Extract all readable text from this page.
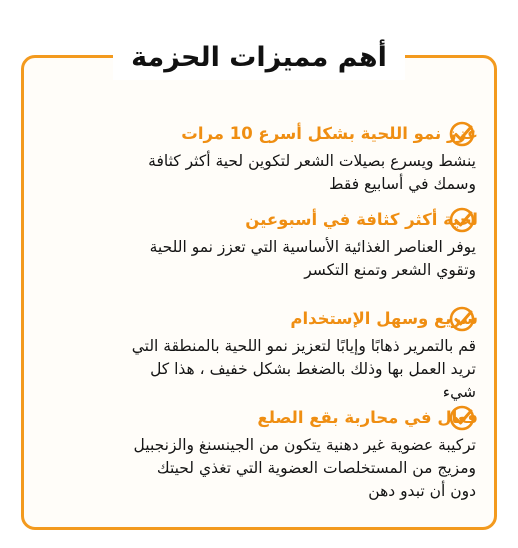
أهم مميزات الحزمة
عزز نمو اللحية بشكل أسرع 10 مرات
ينشط ويسرع بصيلات الشعر لتكوين لحية أكثر كثافة
وسمك في أسابيع فقط
لحية أكثر كثافة في أسبوعين
يوفر العناصر الغذائية الأساسية التي تعزز نمو اللحية
وتقوي الشعر وتمنع التكسر
سريع وسهل الإستخدام
قم بالتمرير ذهابًا وإيابًا لتعزيز نمو اللحية بالمنطقة التي
تريد العمل بها وذلك بالضغط بشكل خفيف ، هذا كل
شيء
فعال في محاربة بقع الصلع
تركيبة عضوية غير دهنية يتكون من الجينسنغ والزنجبيل
ومزيج من المستخلصات العضوية التي تغذي لحيتك
دون أن تبدو دهن
